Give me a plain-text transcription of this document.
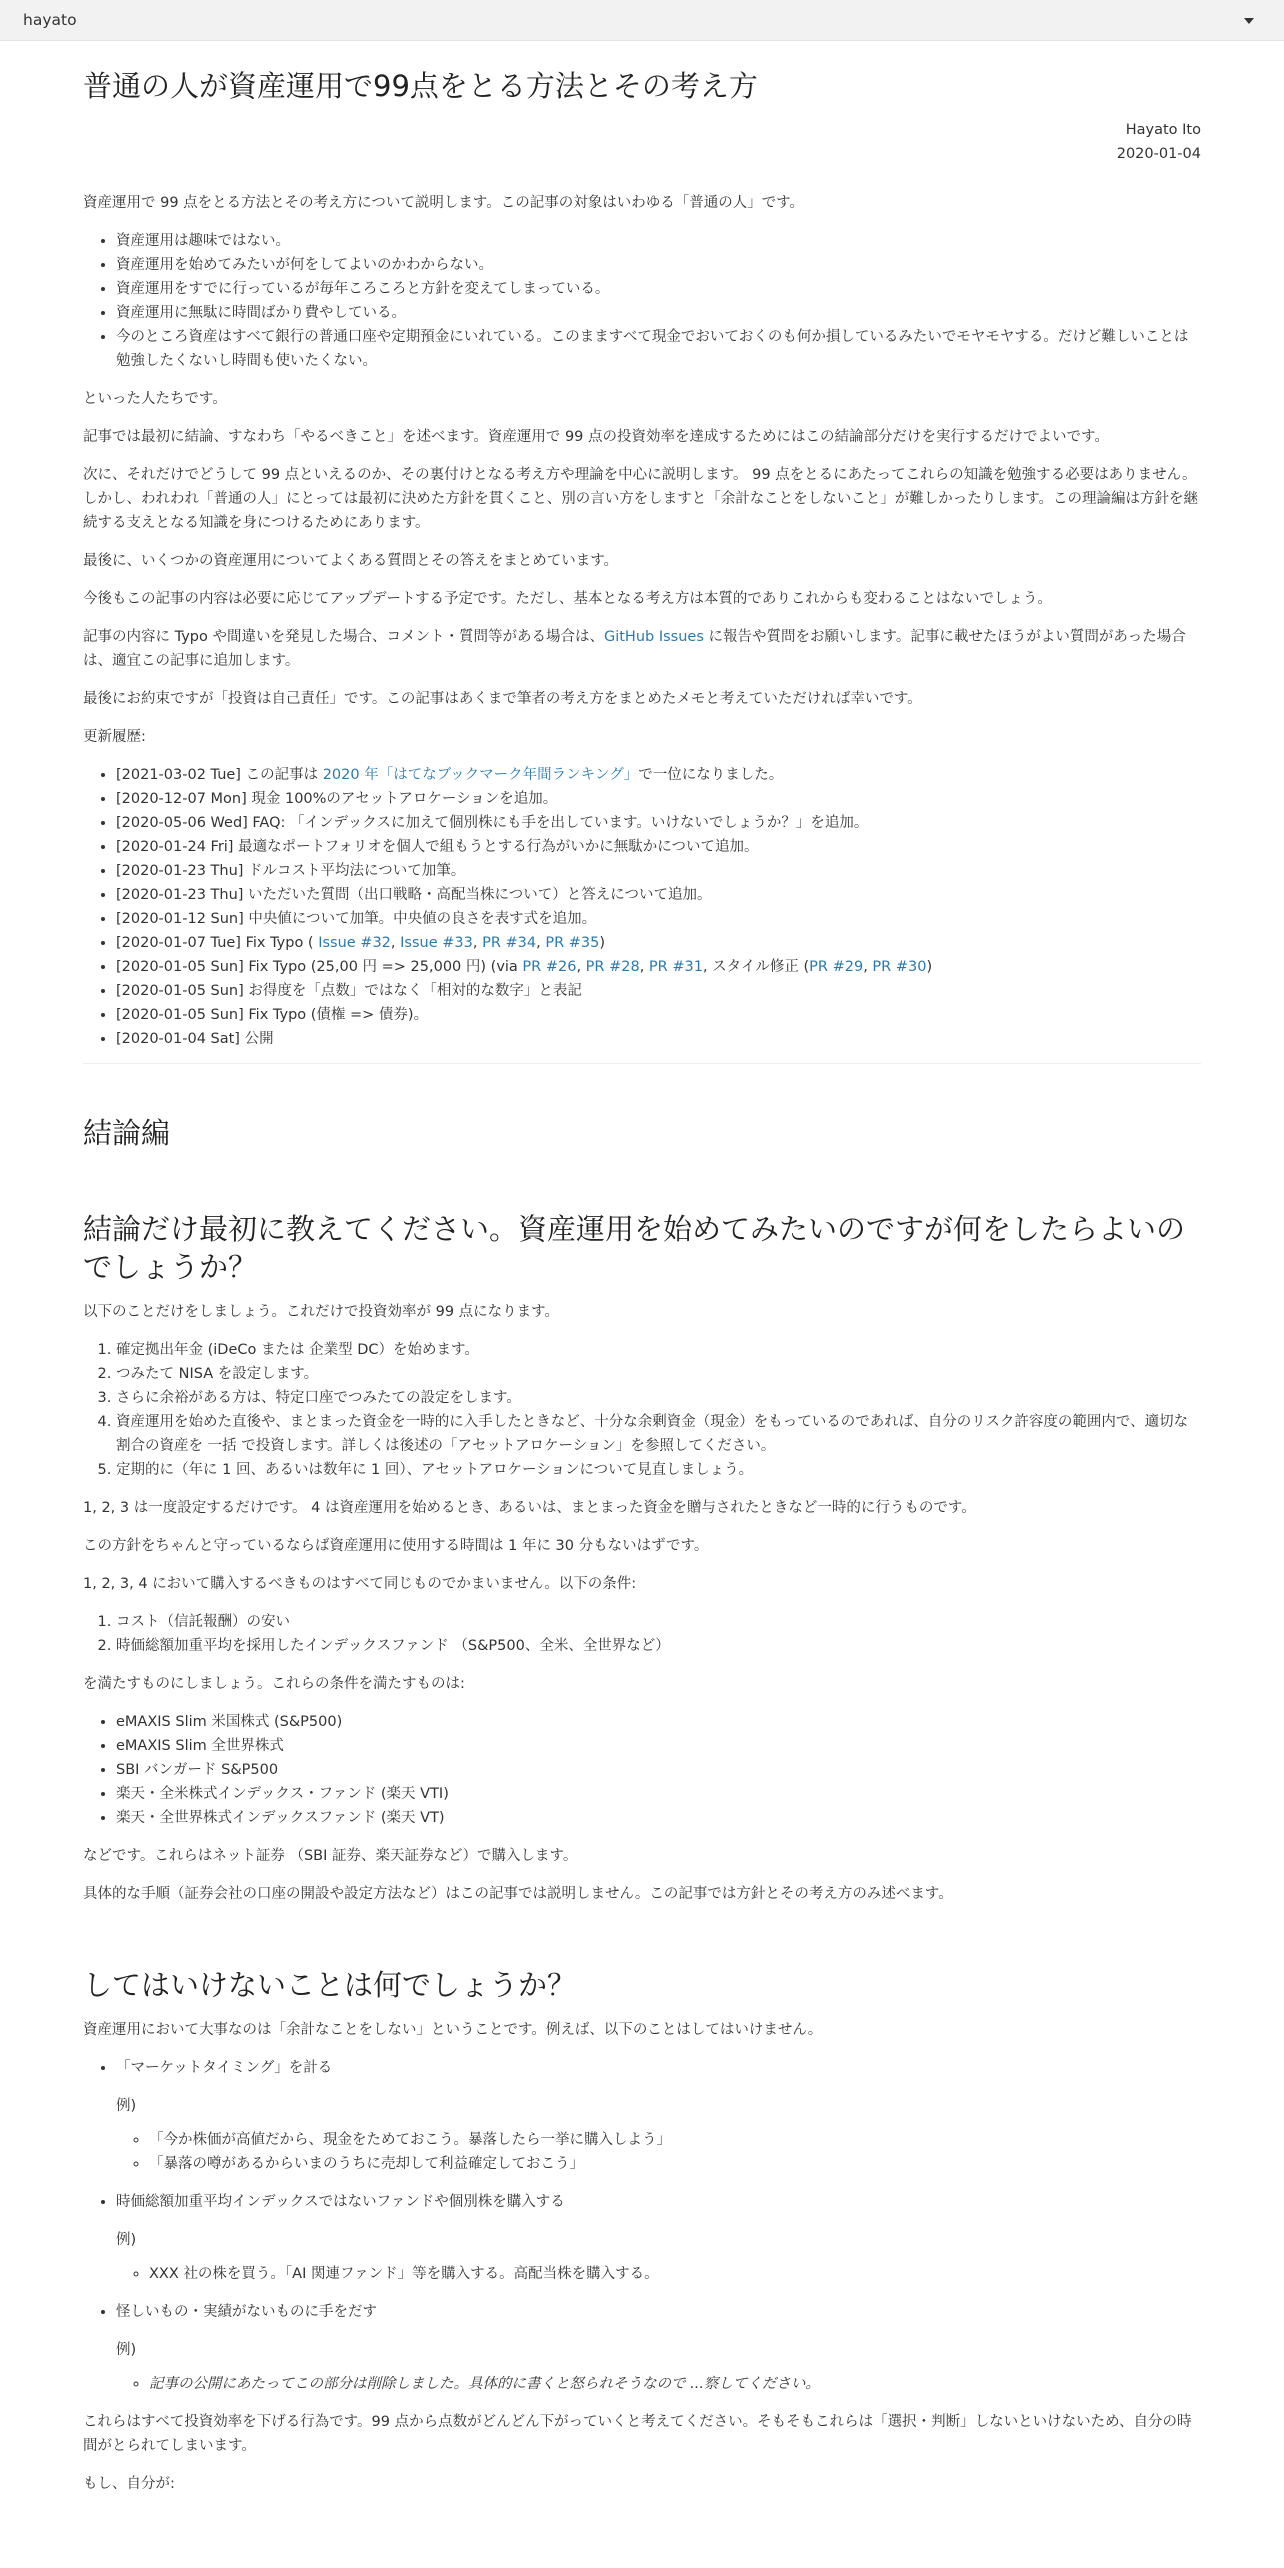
hayato
普通の人が資産運用で99点をとる方法とその考え方
Hayato Ito
2020-01-04

資産運用で 99 点をとる方法とその考え方について説明します。この記事の対象はいわゆる「普通の人」です。

• 資産運用は趣味ではない。
• 資産運用を始めてみたいが何をしてよいのかわからない。
• 資産運用をすでに行っているが毎年ころころと方針を変えてしまっている。
• 資産運用に無駄に時間ばかり費やしている。
• 今のところ資産はすべて銀行の普通口座や定期預金にいれている。このまますべて現金でおいておくのも何か損しているみたいでモヤモヤする。だけど難しいことは勉強したくないし時間も使いたくない。

といった人たちです。

記事では最初に結論、すなわち「やるべきこと」を述べます。資産運用で 99 点の投資効率を達成するためにはこの結論部分だけを実行するだけでよいです。

次に、それだけでどうして 99 点といえるのか、その裏付けとなる考え方や理論を中心に説明します。 99 点をとるにあたってこれらの知識を勉強する必要はありません。しかし、われわれ「普通の人」にとっては最初に決めた方針を貫くこと、別の言い方をしますと「余計なことをしないこと」が難しかったりします。この理論編は方針を継続する支えとなる知識を身につけるためにあります。

最後に、いくつかの資産運用についてよくある質問とその答えをまとめています。

今後もこの記事の内容は必要に応じてアップデートする予定です。ただし、基本となる考え方は本質的でありこれからも変わることはないでしょう。

記事の内容に Typo や間違いを発見した場合、コメント・質問等がある場合は、GitHub Issues に報告や質問をお願いします。記事に載せたほうがよい質問があった場合は、適宜この記事に追加します。

最後にお約束ですが「投資は自己責任」です。この記事はあくまで筆者の考え方をまとめたメモと考えていただければ幸いです。

更新履歴:

• [2021-03-02 Tue] この記事は 2020 年「はてなブックマーク年間ランキング」で一位になりました。
• [2020-12-07 Mon] 現金 100%のアセットアロケーションを追加。
• [2020-05-06 Wed] FAQ: 「インデックスに加えて個別株にも手を出しています。いけないでしょうか？」を追加。
• [2020-01-24 Fri] 最適なポートフォリオを個人で組もうとする行為がいかに無駄かについて追加。
• [2020-01-23 Thu] ドルコスト平均法について加筆。
• [2020-01-23 Thu] いただいた質問（出口戦略・高配当株について）と答えについて追加。
• [2020-01-12 Sun] 中央値について加筆。中央値の良さを表す式を追加。
• [2020-01-07 Tue] Fix Typo ( Issue #32, Issue #33, PR #34, PR #35)
• [2020-01-05 Sun] Fix Typo (25,00 円 => 25,000 円) (via PR #26, PR #28, PR #31, スタイル修正 (PR #29, PR #30)
• [2020-01-05 Sun] お得度を「点数」ではなく「相対的な数字」と表記
• [2020-01-05 Sun] Fix Typo (債権 => 債券)。
• [2020-01-04 Sat] 公開
結論編
結論だけ最初に教えてください。資産運用を始めてみたいのですが何をしたらよいのでしょうか？

以下のことだけをしましょう。これだけで投資効率が 99 点になります。

1. 確定拠出年金 (iDeCo または 企業型 DC）を始めます。
2. つみたて NISA を設定します。
3. さらに余裕がある方は、特定口座でつみたての設定をします。
4. 資産運用を始めた直後や、まとまった資金を一時的に入手したときなど、十分な余剰資金（現金）をもっているのであれば、自分のリスク許容度の範囲内で、適切な割合の資産を 一括 で投資します。詳しくは後述の「アセットアロケーション」を参照してください。
5. 定期的に（年に 1 回、あるいは数年に 1 回）、アセットアロケーションについて見直しましょう。

1, 2, 3 は一度設定するだけです。 4 は資産運用を始めるとき、あるいは、まとまった資金を贈与されたときなど一時的に行うものです。

この方針をちゃんと守っているならば資産運用に使用する時間は 1 年に 30 分もないはずです。

1, 2, 3, 4 において購入するべきものはすべて同じものでかまいません。以下の条件:

1. コスト（信託報酬）の安い
2. 時価総額加重平均を採用したインデックスファンド （S&P500、全米、全世界など）

を満たすものにしましょう。これらの条件を満たすものは:

• eMAXIS Slim 米国株式 (S&P500)
• eMAXIS Slim 全世界株式
• SBI バンガード S&P500
• 楽天・全米株式インデックス・ファンド (楽天 VTI)
• 楽天・全世界株式インデックスファンド (楽天 VT)

などです。これらはネット証券 （SBI 証券、楽天証券など）で購入します。

具体的な手順（証券会社の口座の開設や設定方法など）はこの記事では説明しません。この記事では方針とその考え方のみ述べます。

してはいけないことは何でしょうか？

資産運用において大事なのは「余計なことをしない」ということです。例えば、以下のことはしてはいけません。

• 「マーケットタイミング」を計る
例)
◦ 「今か株価が高値だから、現金をためておこう。暴落したら一挙に購入しよう」
◦ 「暴落の噂があるからいまのうちに売却して利益確定しておこう」
• 時価総額加重平均インデックスではないファンドや個別株を購入する
例)
◦ XXX 社の株を買う。「AI 関連ファンド」等を購入する。高配当株を購入する。
• 怪しいもの・実績がないものに手をだす
例)
◦ 記事の公開にあたってこの部分は削除しました。具体的に書くと怒られそうなので ...察してください。

これらはすべて投資効率を下げる行為です。99 点から点数がどんどん下がっていくと考えてください。そもそもこれらは「選択・判断」しないといけないため、自分の時間がとられてしまいます。

もし、自分が:
